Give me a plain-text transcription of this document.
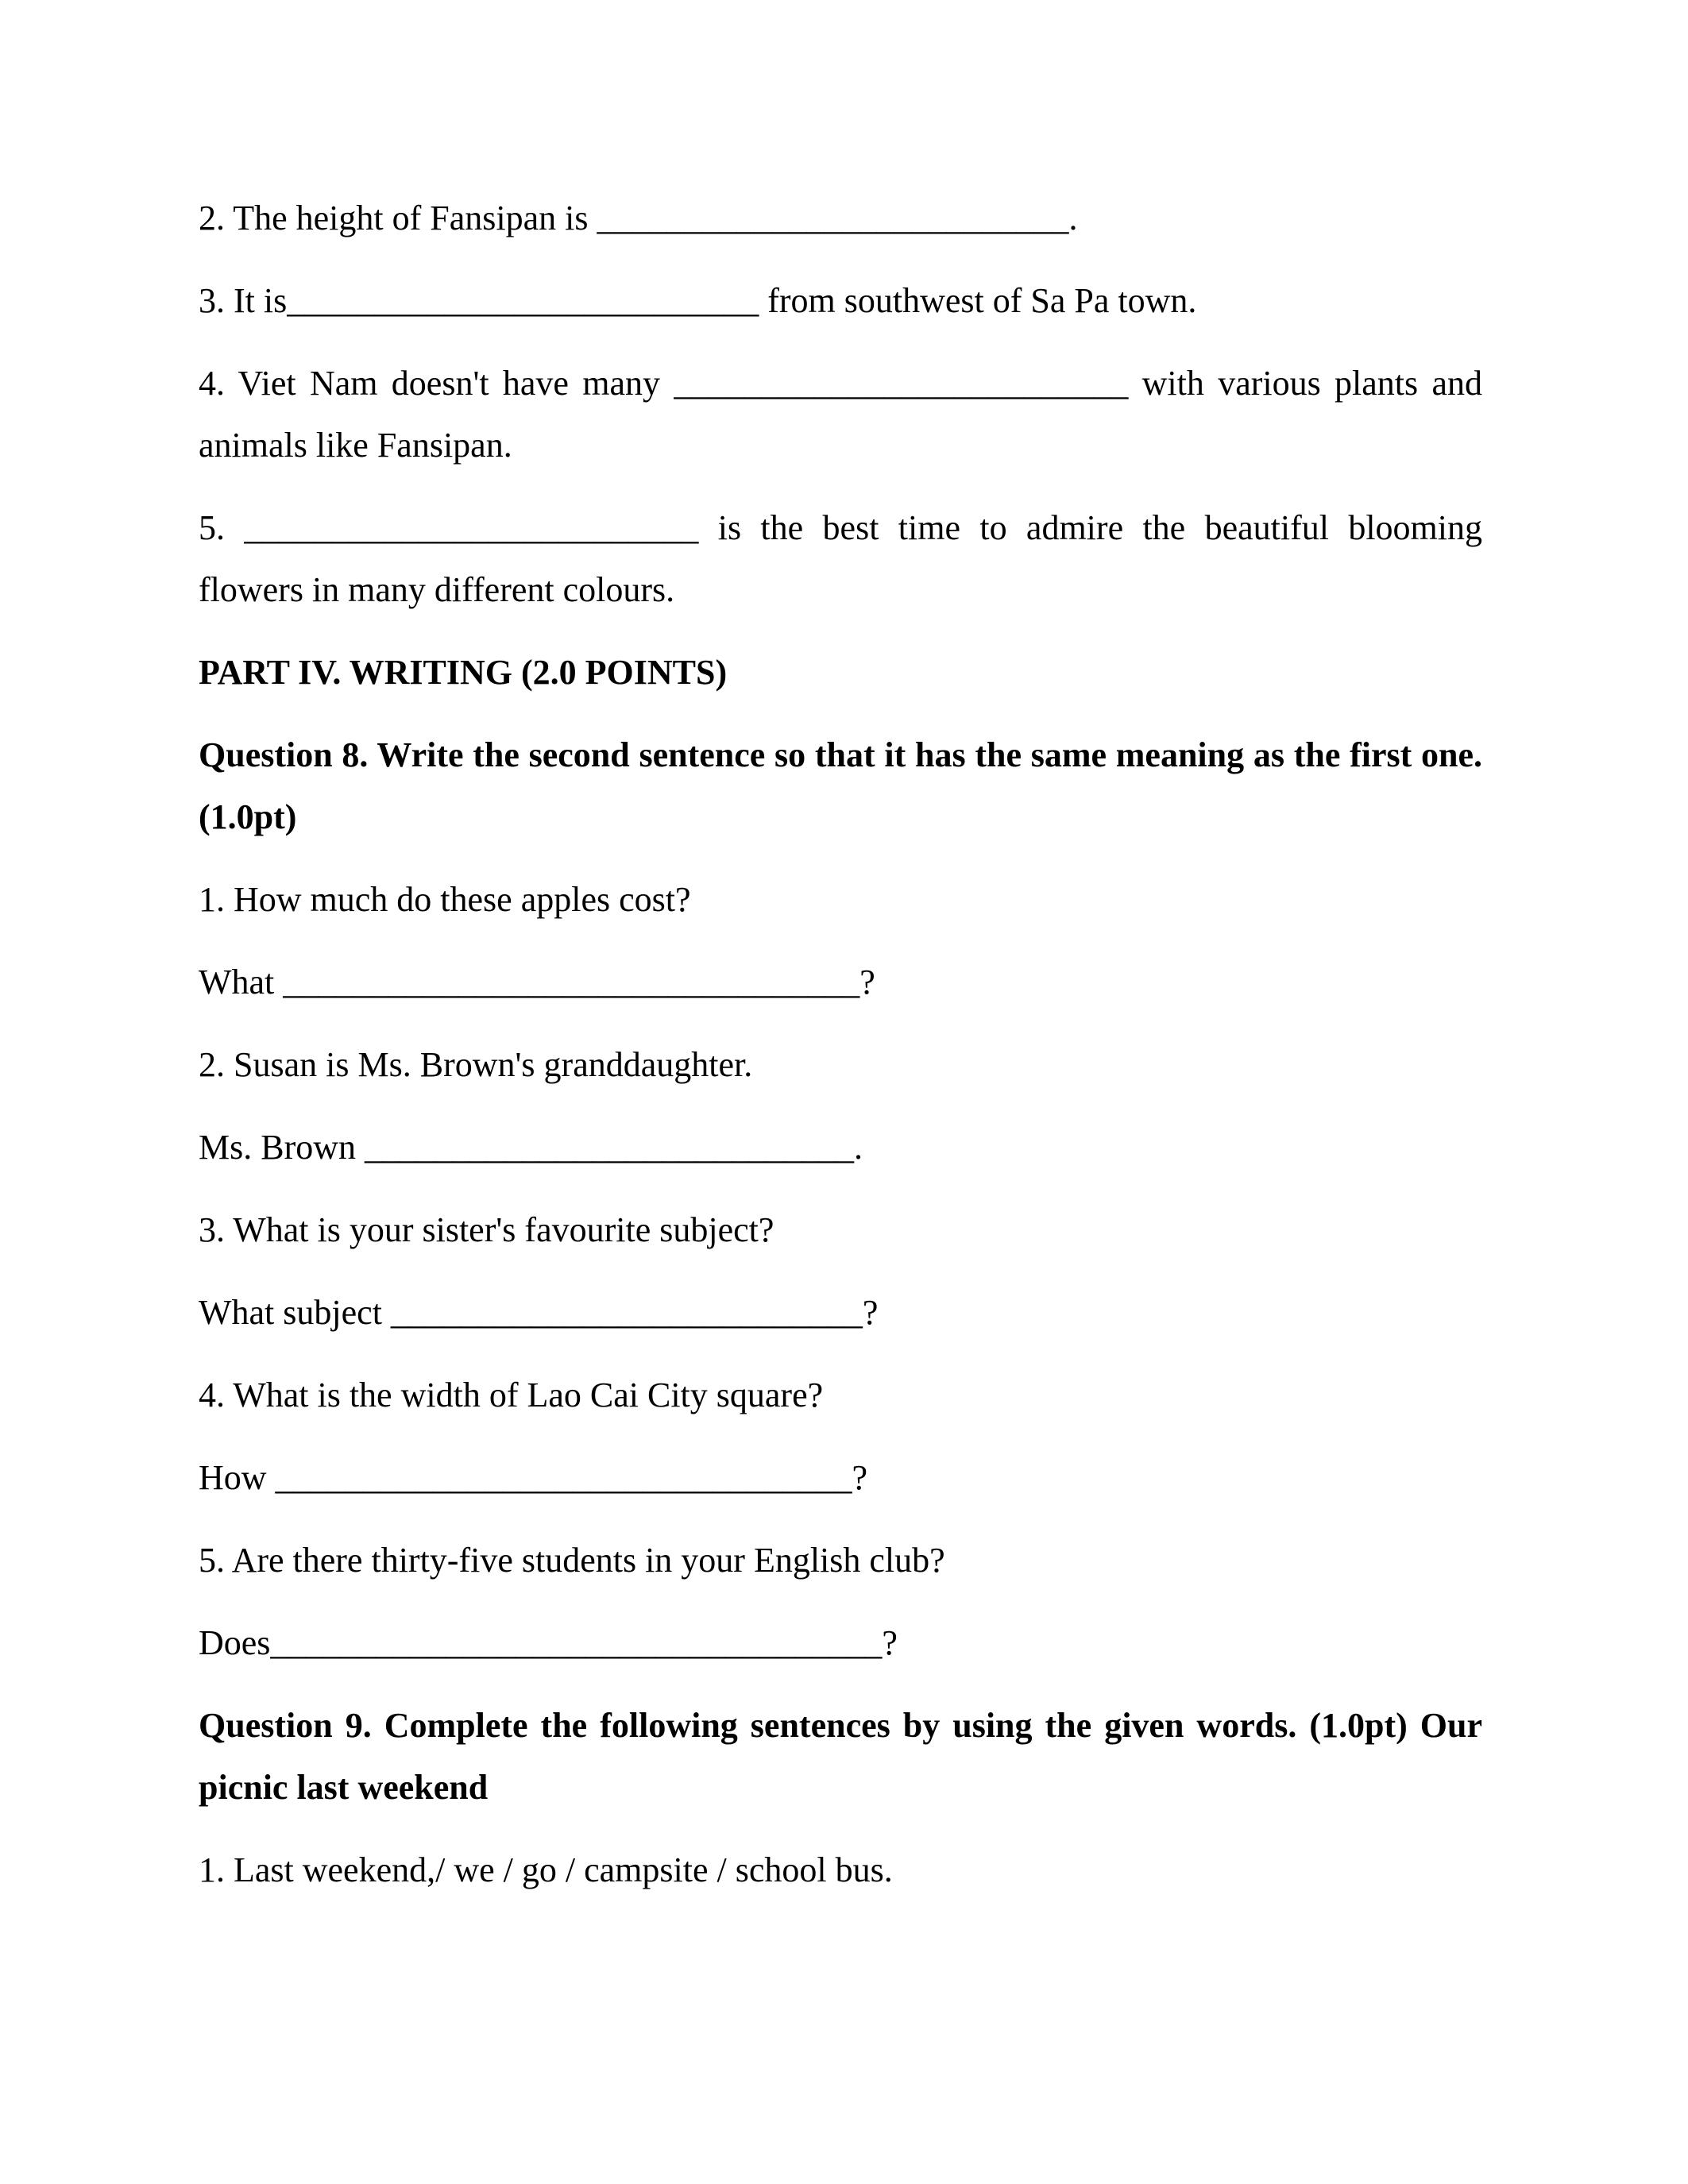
2. The height of Fansipan is ___________________________.

3. It is___________________________ from southwest of Sa Pa town.

4. Viet Nam doesn't have many __________________________ with various plants and animals like Fansipan.

5. __________________________ is the best time to admire the beautiful blooming flowers in many different colours.

PART IV. WRITING (2.0 POINTS)

Question 8. Write the second sentence so that it has the same meaning as the first one. (1.0pt)

1. How much do these apples cost?

What _________________________________?

2. Susan is Ms. Brown's granddaughter.

Ms. Brown ____________________________.

3. What is your sister's favourite subject?

What subject ___________________________?

4. What is the width of Lao Cai City square?

How _________________________________?

5. Are there thirty-five students in your English club?

Does___________________________________?

Question 9. Complete the following sentences by using the given words. (1.0pt) Our picnic last weekend

1. Last weekend,/ we / go / campsite / school bus.
